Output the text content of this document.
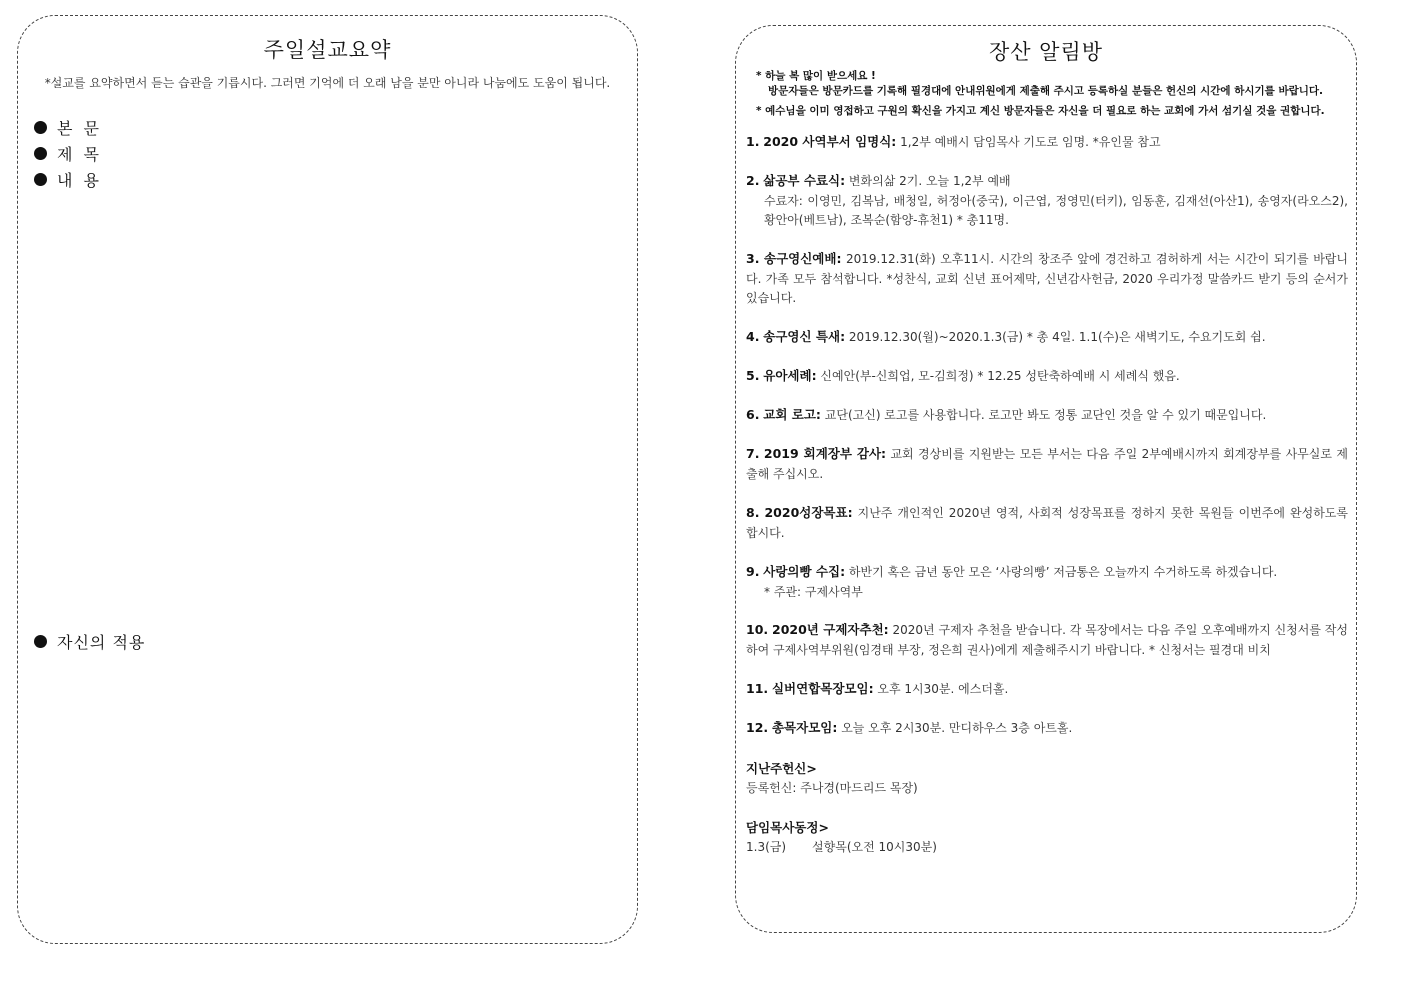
주일설교요약
*설교를 요약하면서 듣는 습관을 기릅시다. 그러면 기억에 더 오래 남을 분만 아니라 나눔에도 도움이 됩니다.
본 문
제 목
내 용
자신의 적용
장산 알림방
* 하늘 복 많이 받으세요 !
방문자들은 방문카드를 기록해 필경대에 안내위원에게 제출해 주시고 등록하실 분들은 헌신의 시간에 하시기를 바랍니다.
* 예수님을 이미 영접하고 구원의 확신을 가지고 계신 방문자들은 자신을 더 필요로 하는 교회에 가서 섬기실 것을 권합니다.
1. 2020 사역부서 임명식: 1,2부 예배시 담임목사 기도로 임명. *유인물 참고
2. 삶공부 수료식: 변화의삶 2기. 오늘 1,2부 예배
수료자: 이영민, 김복남, 배청일, 허정아(중국), 이근엽, 정영민(터키), 임동훈, 김재선(아산1), 송영자(라오스2), 황안아(베트남), 조복순(함양-휴천1) * 총11명.
3. 송구영신예배: 2019.12.31(화) 오후11시. 시간의 창조주 앞에 경건하고 겸허하게 서는 시간이 되기를 바랍니다. 가족 모두 참석합니다. *성찬식, 교회 신년 표어제막, 신년감사헌금, 2020 우리가정 말씀카드 받기 등의 순서가 있습니다.
4. 송구영신 특새: 2019.12.30(월)~2020.1.3(금) * 총 4일. 1.1(수)은 새벽기도, 수요기도회 쉼.
5. 유아세례: 신예안(부-신희업, 모-김희정) * 12.25 성탄축하예배 시 세례식 했음.
6. 교회 로고: 교단(고신) 로고를 사용합니다. 로고만 봐도 정통 교단인 것을 알 수 있기 때문입니다.
7. 2019 회계장부 감사: 교회 경상비를 지원받는 모든 부서는 다음 주일 2부예배시까지 회계장부를 사무실로 제출해 주십시오.
8. 2020성장목표: 지난주 개인적인 2020년 영적, 사회적 성장목표를 정하지 못한 목원들 이번주에 완성하도록 합시다.
9. 사랑의빵 수집: 하반기 혹은 금년 동안 모은 ‘사랑의빵’ 저금통은 오늘까지 수거하도록 하겠습니다.
* 주관: 구제사역부
10. 2020년 구제자추천: 2020년 구제자 추천을 받습니다. 각 목장에서는 다음 주일 오후예배까지 신청서를 작성하여 구제사역부위원(임경태 부장, 정은희 권사)에게 제출해주시기 바랍니다. * 신청서는 필경대 비치
11. 실버연합목장모임: 오후 1시30분. 에스더홀.
12. 총목자모임: 오늘 오후 2시30분. 만디하우스 3층 아트홀.
지난주헌신>
등록헌신: 주나경(마드리드 목장)
담임목사동정>
1.3(금) 설향목(오전 10시30분)
